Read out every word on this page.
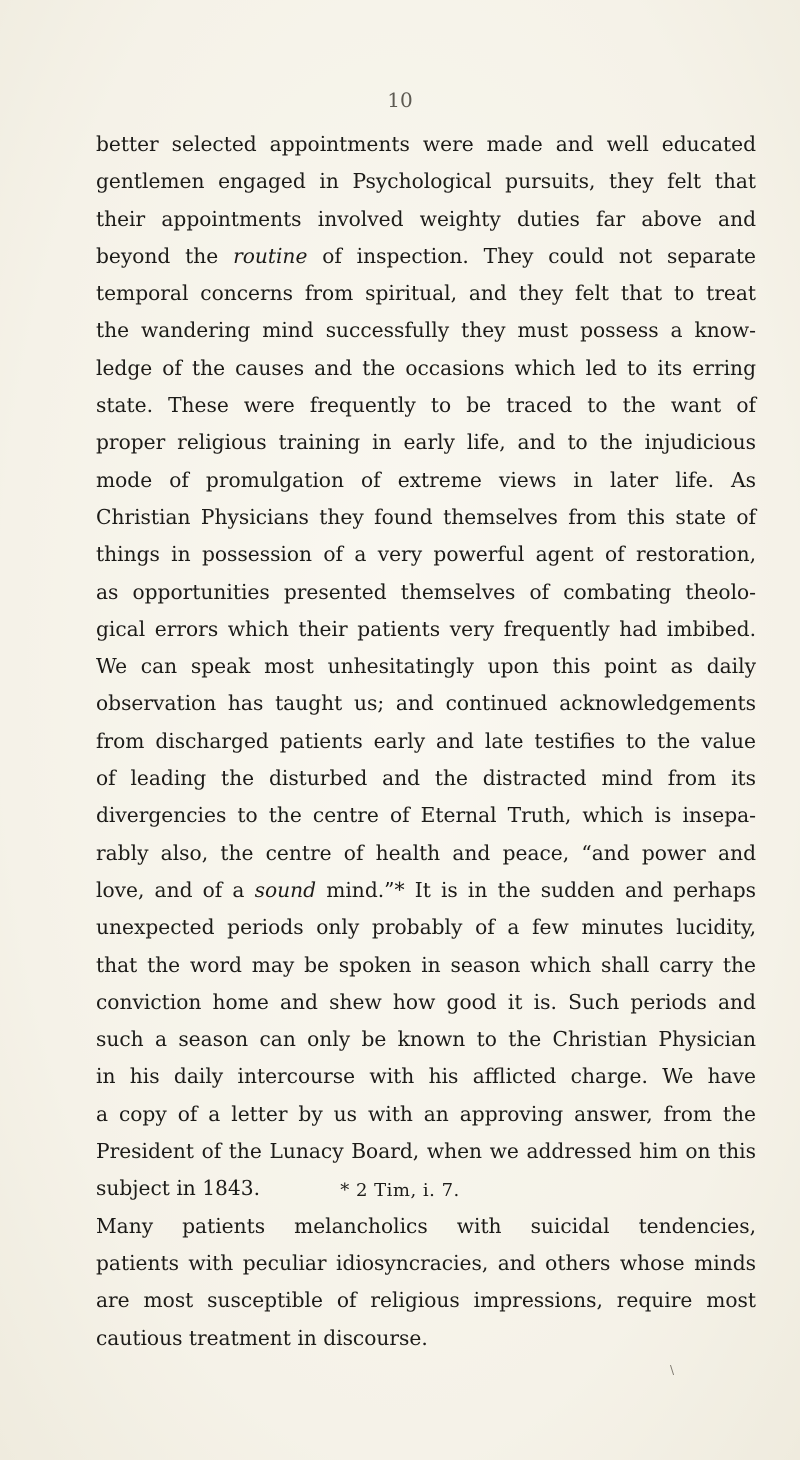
10
better selected appointments were made and well educated
gentlemen engaged in Psychological pursuits, they felt that
their appointments involved weighty duties far above and
beyond the routine of inspection. They could not separate
temporal concerns from spiritual, and they felt that to treat
the wandering mind successfully they must possess a know-
ledge of the causes and the occasions which led to its erring
state. These were frequently to be traced to the want of
proper religious training in early life, and to the injudicious
mode of promulgation of extreme views in later life. As
Christian Physicians they found themselves from this state of
things in possession of a very powerful agent of restoration,
as opportunities presented themselves of combating theolo-
gical errors which their patients very frequently had imbibed.
We can speak most unhesitatingly upon this point as daily
observation has taught us; and continued acknowledgements
from discharged patients early and late testifies to the value
of leading the disturbed and the distracted mind from its
divergencies to the centre of Eternal Truth, which is insepa-
rably also, the centre of health and peace, “and power and
love, and of a sound mind.”* It is in the sudden and perhaps
unexpected periods only probably of a few minutes lucidity,
that the word may be spoken in season which shall carry the
conviction home and shew how good it is. Such periods and
such a season can only be known to the Christian Physician
in his daily intercourse with his afflicted charge. We have
a copy of a letter by us with an approving answer, from the
President of the Lunacy Board, when we addressed him on this
subject in 1843.
Many patients melancholics with suicidal tendencies,
patients with peculiar idiosyncracies, and others whose minds
are most susceptible of religious impressions, require most
cautious treatment in discourse.
* 2 Tim, i. 7.
\
